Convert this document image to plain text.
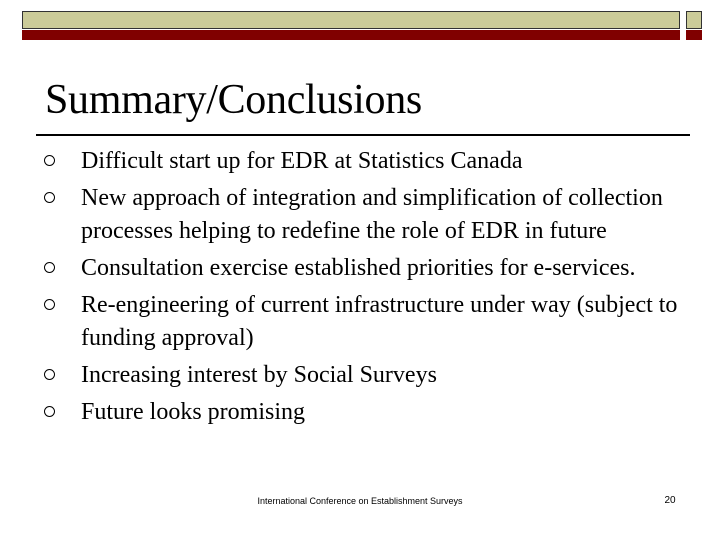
Summary/Conclusions
Difficult start up for EDR at Statistics Canada
New approach of integration and simplification of collection processes helping to redefine the role of EDR in future
Consultation exercise established priorities for e-services.
Re-engineering of current infrastructure under way (subject to funding approval)
Increasing interest by Social Surveys
Future looks promising
International Conference on Establishment Surveys	20
